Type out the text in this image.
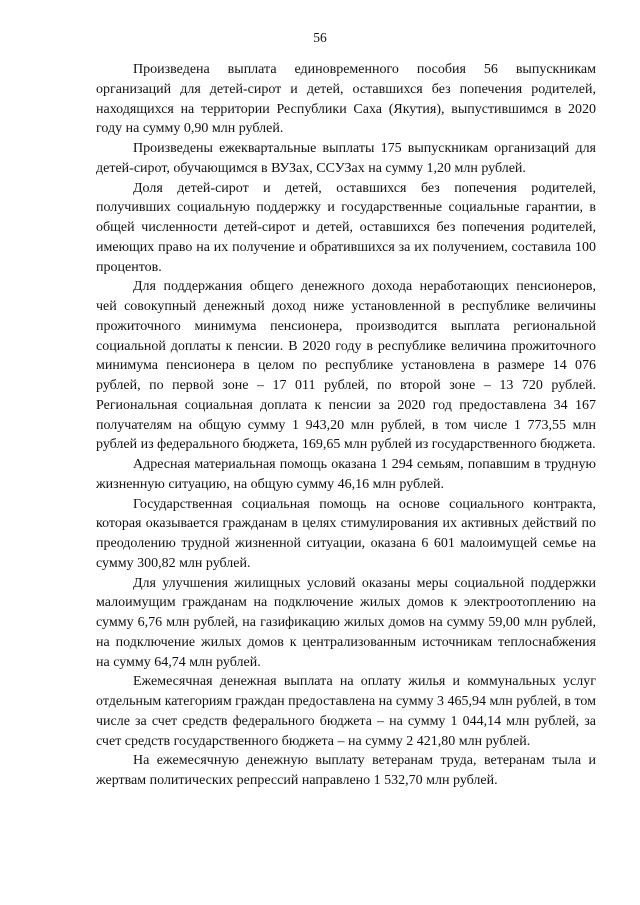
56

Произведена выплата единовременного пособия 56 выпускникам организаций для детей-сирот и детей, оставшихся без попечения родителей, находящихся на территории Республики Саха (Якутия), выпустившимся в 2020 году на сумму 0,90 млн рублей.

Произведены ежеквартальные выплаты 175 выпускникам организаций для детей-сирот, обучающимся в ВУЗах, ССУЗах на сумму 1,20 млн рублей.

Доля детей-сирот и детей, оставшихся без попечения родителей, получивших социальную поддержку и государственные социальные гарантии, в общей численности детей-сирот и детей, оставшихся без попечения родителей, имеющих право на их получение и обратившихся за их получением, составила 100 процентов.

Для поддержания общего денежного дохода неработающих пенсионеров, чей совокупный денежный доход ниже установленной в республике величины прожиточного минимума пенсионера, производится выплата региональной социальной доплаты к пенсии. В 2020 году в республике величина прожиточного минимума пенсионера в целом по республике установлена в размере 14 076 рублей, по первой зоне – 17 011 рублей, по второй зоне – 13 720 рублей. Региональная социальная доплата к пенсии за 2020 год предоставлена 34 167 получателям на общую сумму 1 943,20 млн рублей, в том числе 1 773,55 млн рублей из федерального бюджета, 169,65 млн рублей из государственного бюджета.

Адресная материальная помощь оказана 1 294 семьям, попавшим в трудную жизненную ситуацию, на общую сумму 46,16 млн рублей.

Государственная социальная помощь на основе социального контракта, которая оказывается гражданам в целях стимулирования их активных действий по преодолению трудной жизненной ситуации, оказана 6 601 малоимущей семье на сумму 300,82 млн рублей.

Для улучшения жилищных условий оказаны меры социальной поддержки малоимущим гражданам на подключение жилых домов к электроотоплению на сумму 6,76 млн рублей, на газификацию жилых домов на сумму 59,00 млн рублей, на подключение жилых домов к централизованным источникам теплоснабжения на сумму 64,74 млн рублей.

Ежемесячная денежная выплата на оплату жилья и коммунальных услуг отдельным категориям граждан предоставлена на сумму 3 465,94 млн рублей, в том числе за счет средств федерального бюджета – на сумму 1 044,14 млн рублей, за счет средств государственного бюджета – на сумму 2 421,80 млн рублей.

На ежемесячную денежную выплату ветеранам труда, ветеранам тыла и жертвам политических репрессий направлено 1 532,70 млн рублей.
